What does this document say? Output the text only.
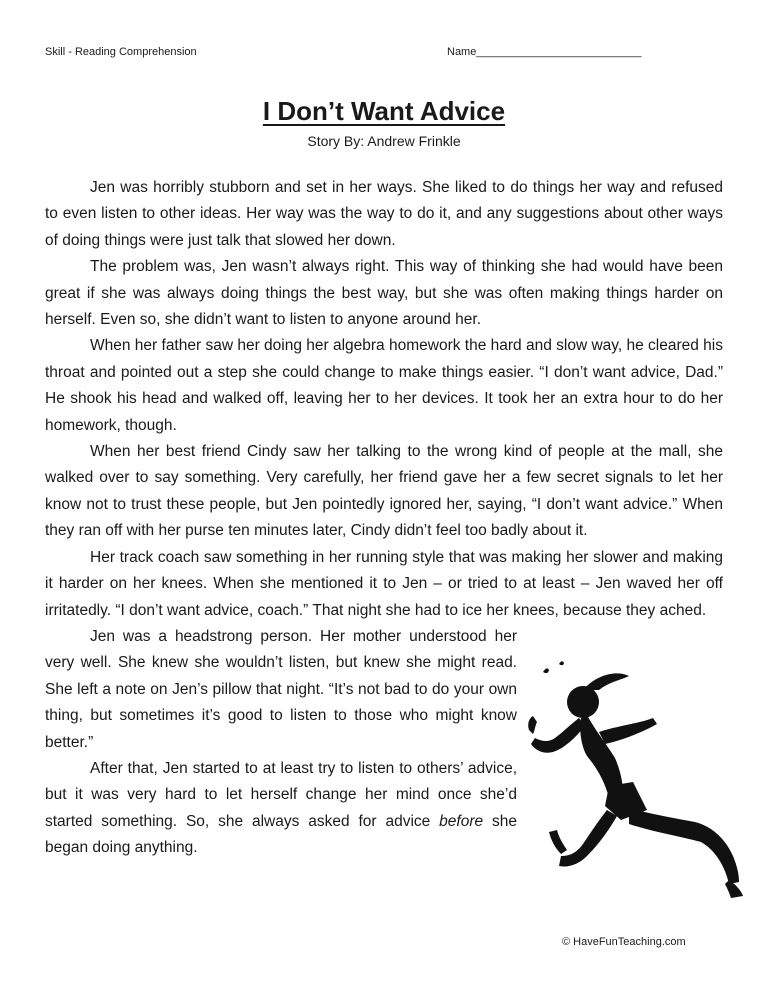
Skill - Reading Comprehension	Name___________________________
I Don’t Want Advice
Story By: Andrew Frinkle

Jen was horribly stubborn and set in her ways. She liked to do things her way and refused to even listen to other ideas. Her way was the way to do it, and any suggestions about other ways of doing things were just talk that slowed her down.

The problem was, Jen wasn’t always right. This way of thinking she had would have been great if she was always doing things the best way, but she was often making things harder on herself. Even so, she didn’t want to listen to anyone around her.

When her father saw her doing her algebra homework the hard and slow way, he cleared his throat and pointed out a step she could change to make things easier. “I don’t want advice, Dad.” He shook his head and walked off, leaving her to her devices. It took her an extra hour to do her homework, though.

When her best friend Cindy saw her talking to the wrong kind of people at the mall, she walked over to say something. Very carefully, her friend gave her a few secret signals to let her know not to trust these people, but Jen pointedly ignored her, saying, “I don’t want advice.” When they ran off with her purse ten minutes later, Cindy didn’t feel too badly about it.

Her track coach saw something in her running style that was making her slower and making it harder on her knees. When she mentioned it to Jen – or tried to at least – Jen waved her off irritatedly. “I don’t want advice, coach.” That night she had to ice her knees, because they ached.

Jen was a headstrong person. Her mother understood her very well. She knew she wouldn’t listen, but knew she might read. She left a note on Jen’s pillow that night. “It’s not bad to do your own thing, but sometimes it’s good to listen to those who might know better.”

After that, Jen started to at least try to listen to others’ advice, but it was very hard to let herself change her mind once she’d started something. So, she always asked for advice before she began doing anything.

© HaveFunTeaching.com
